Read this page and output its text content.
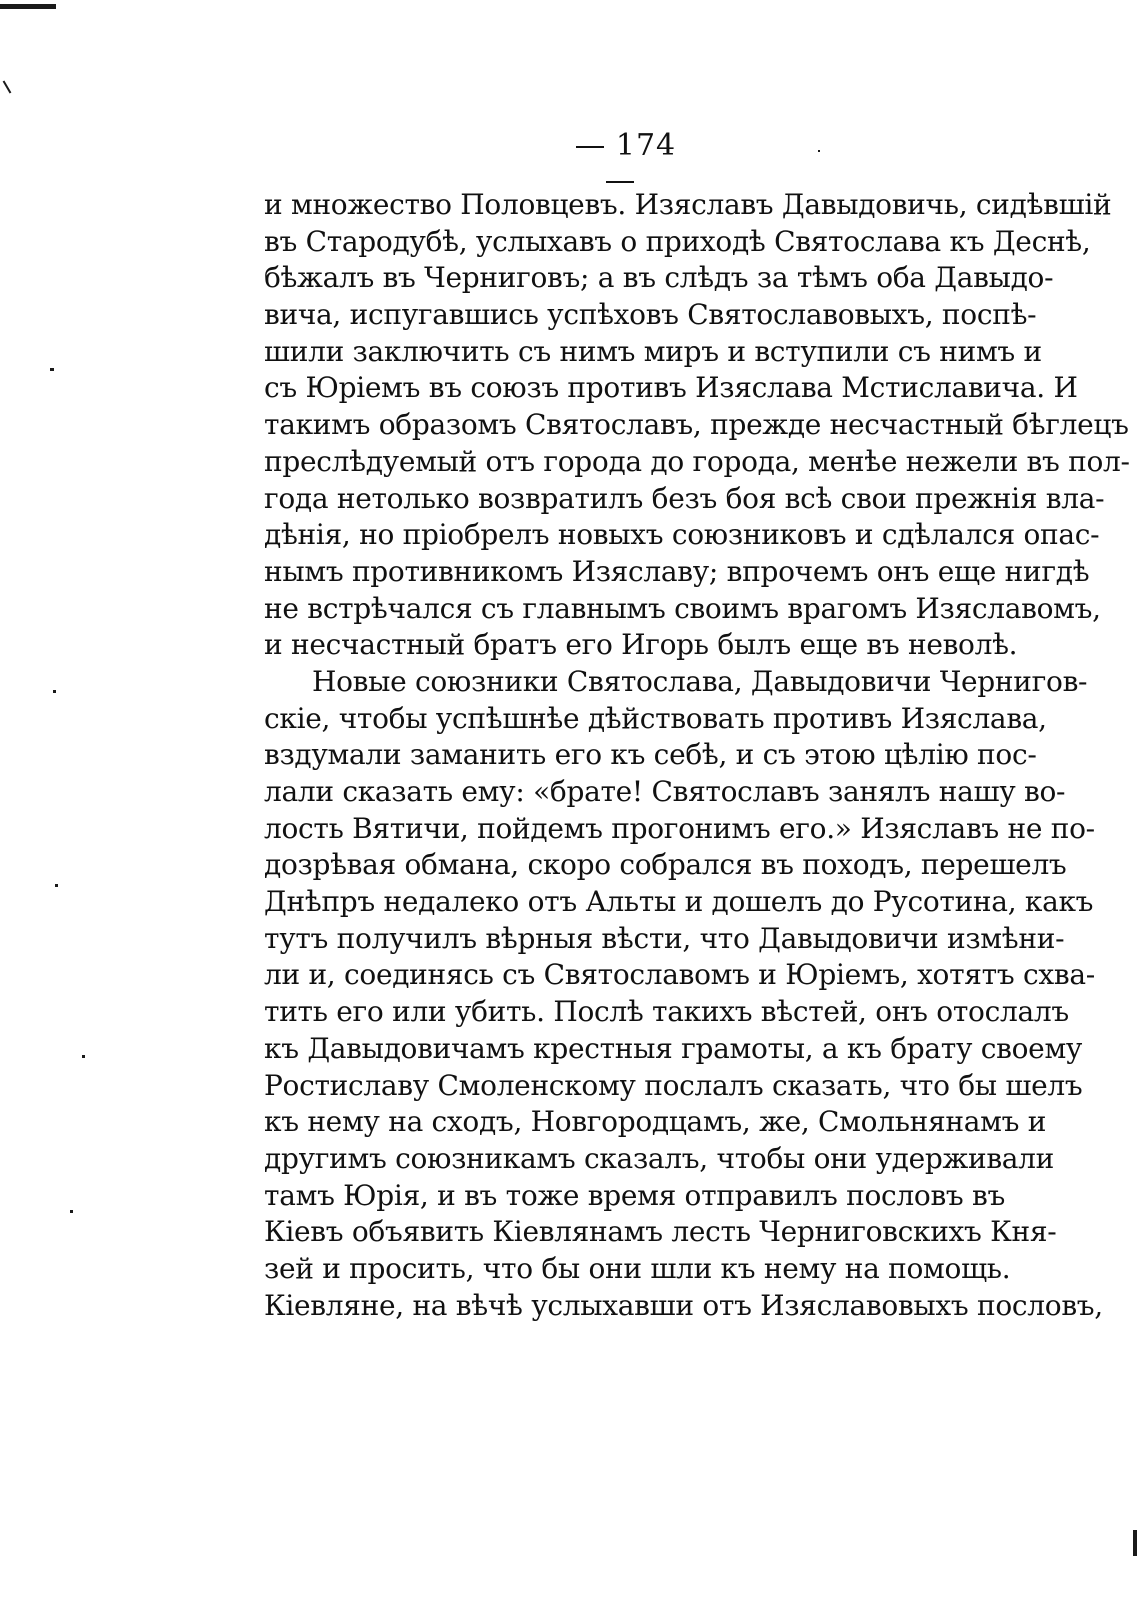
174
и множество Половцевъ. Изяславъ Давыдовичь, сидѣвшій
въ Стародубѣ, услыхавъ о приходѣ Святослава къ Деснѣ,
бѣжалъ въ Черниговъ; а въ слѣдъ за тѣмъ оба Давыдо-
вича, испугавшись успѣховъ Святославовыхъ, поспѣ-
шили заключить съ нимъ миръ и вступили съ нимъ и
съ Юріемъ въ союзъ противъ Изяслава Мстиславича. И
такимъ образомъ Святославъ, прежде несчастный бѣглецъ
преслѣдуемый отъ города до города, менѣе нежели въ пол-
года нетолько возвратилъ безъ боя всѣ свои прежнія вла-
дѣнія, но пріобрелъ новыхъ союзниковъ и сдѣлался опас-
нымъ противникомъ Изяславу; впрочемъ онъ еще нигдѣ
не встрѣчался съ главнымъ своимъ врагомъ Изяславомъ,
и несчастный братъ его Игорь былъ еще въ неволѣ.
Новые союзники Святослава, Давыдовичи Чернигов-
скіе, чтобы успѣшнѣе дѣйствовать противъ Изяслава,
вздумали заманить его къ себѣ, и съ этою цѣлію пос-
лали сказать ему: «брате! Святославъ занялъ нашу во-
лость Вятичи, пойдемъ прогонимъ его.» Изяславъ не по-
дозрѣвая обмана, скоро собрался въ походъ, перешелъ
Днѣпръ недалеко отъ Альты и дошелъ до Русотина, какъ
тутъ получилъ вѣрныя вѣсти, что Давыдовичи измѣни-
ли и, соединясь съ Святославомъ и Юріемъ, хотятъ схва-
тить его или убить. Послѣ такихъ вѣстей, онъ отослалъ
къ Давыдовичамъ крестныя грамоты, а къ брату своему
Ростиславу Смоленскому послалъ сказать, что бы шелъ
къ нему на сходъ, Новгородцамъ, же, Смольнянамъ и
другимъ союзникамъ сказалъ, чтобы они удерживали
тамъ Юрія, и въ тоже время отправилъ пословъ въ
Кіевъ объявить Кіевлянамъ лесть Черниговскихъ Кня-
зей и просить, что бы они шли къ нему на помощь.
Кіевляне, на вѣчѣ услыхавши отъ Изяславовыхъ пословъ,
